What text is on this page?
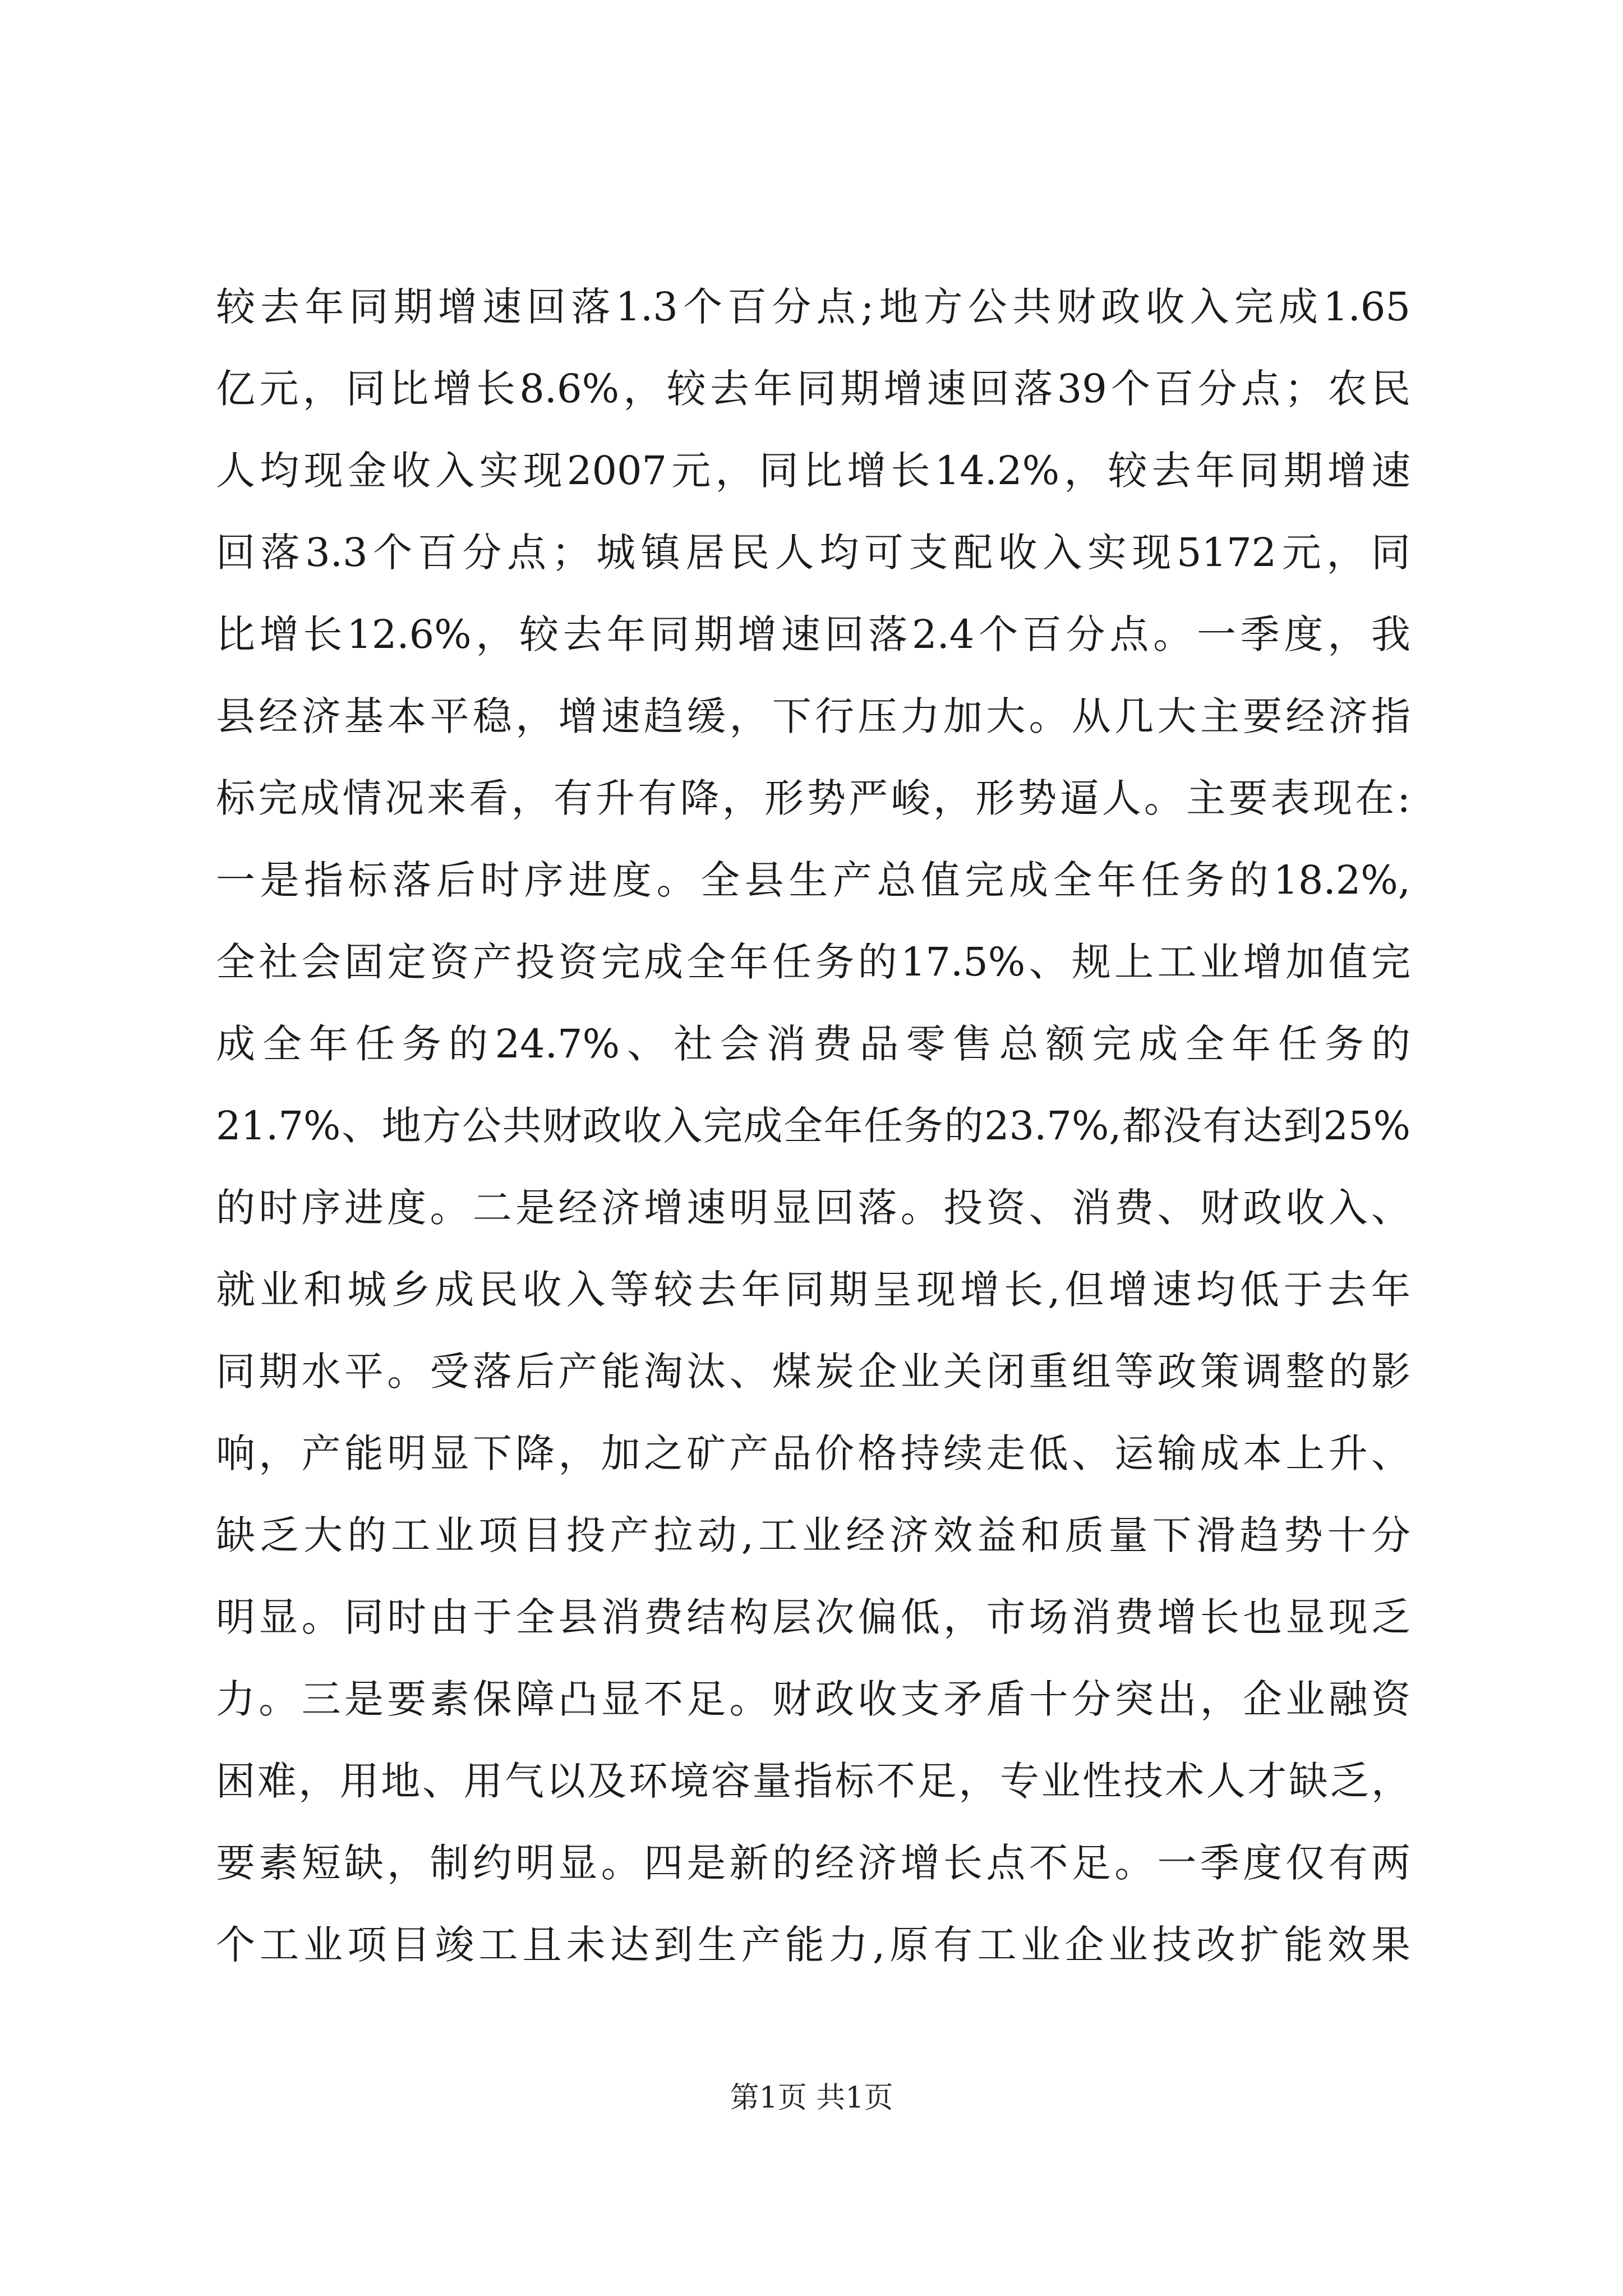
较去年同期增速回落1.3个百分点;地方公共财政收入完成1.65
亿元，同比增长8.6%，较去年同期增速回落39个百分点；农民
人均现金收入实现2007元，同比增长14.2%，较去年同期增速
回落3.3个百分点；城镇居民人均可支配收入实现5172元，同
比增长12.6%，较去年同期增速回落2.4个百分点。一季度，我
县经济基本平稳，增速趋缓，下行压力加大。从几大主要经济指
标完成情况来看，有升有降，形势严峻，形势逼人。主要表现在:
一是指标落后时序进度。全县生产总值完成全年任务的18.2%,
全社会固定资产投资完成全年任务的17.5%、规上工业增加值完
成全年任务的24.7%、社会消费品零售总额完成全年任务的
21.7%、地方公共财政收入完成全年任务的23.7%,都没有达到25%
的时序进度。二是经济增速明显回落。投资、消费、财政收入、
就业和城乡成民收入等较去年同期呈现增长,但增速均低于去年
同期水平。受落后产能淘汰、煤炭企业关闭重组等政策调整的影
响，产能明显下降，加之矿产品价格持续走低、运输成本上升、
缺乏大的工业项目投产拉动,工业经济效益和质量下滑趋势十分
明显。同时由于全县消费结构层次偏低，市场消费增长也显现乏
力。三是要素保障凸显不足。财政收支矛盾十分突出，企业融资
困难，用地、用气以及环境容量指标不足，专业性技术人才缺乏，
要素短缺，制约明显。四是新的经济增长点不足。一季度仅有两
个工业项目竣工且未达到生产能力,原有工业企业技改扩能效果
第1页 共1页
